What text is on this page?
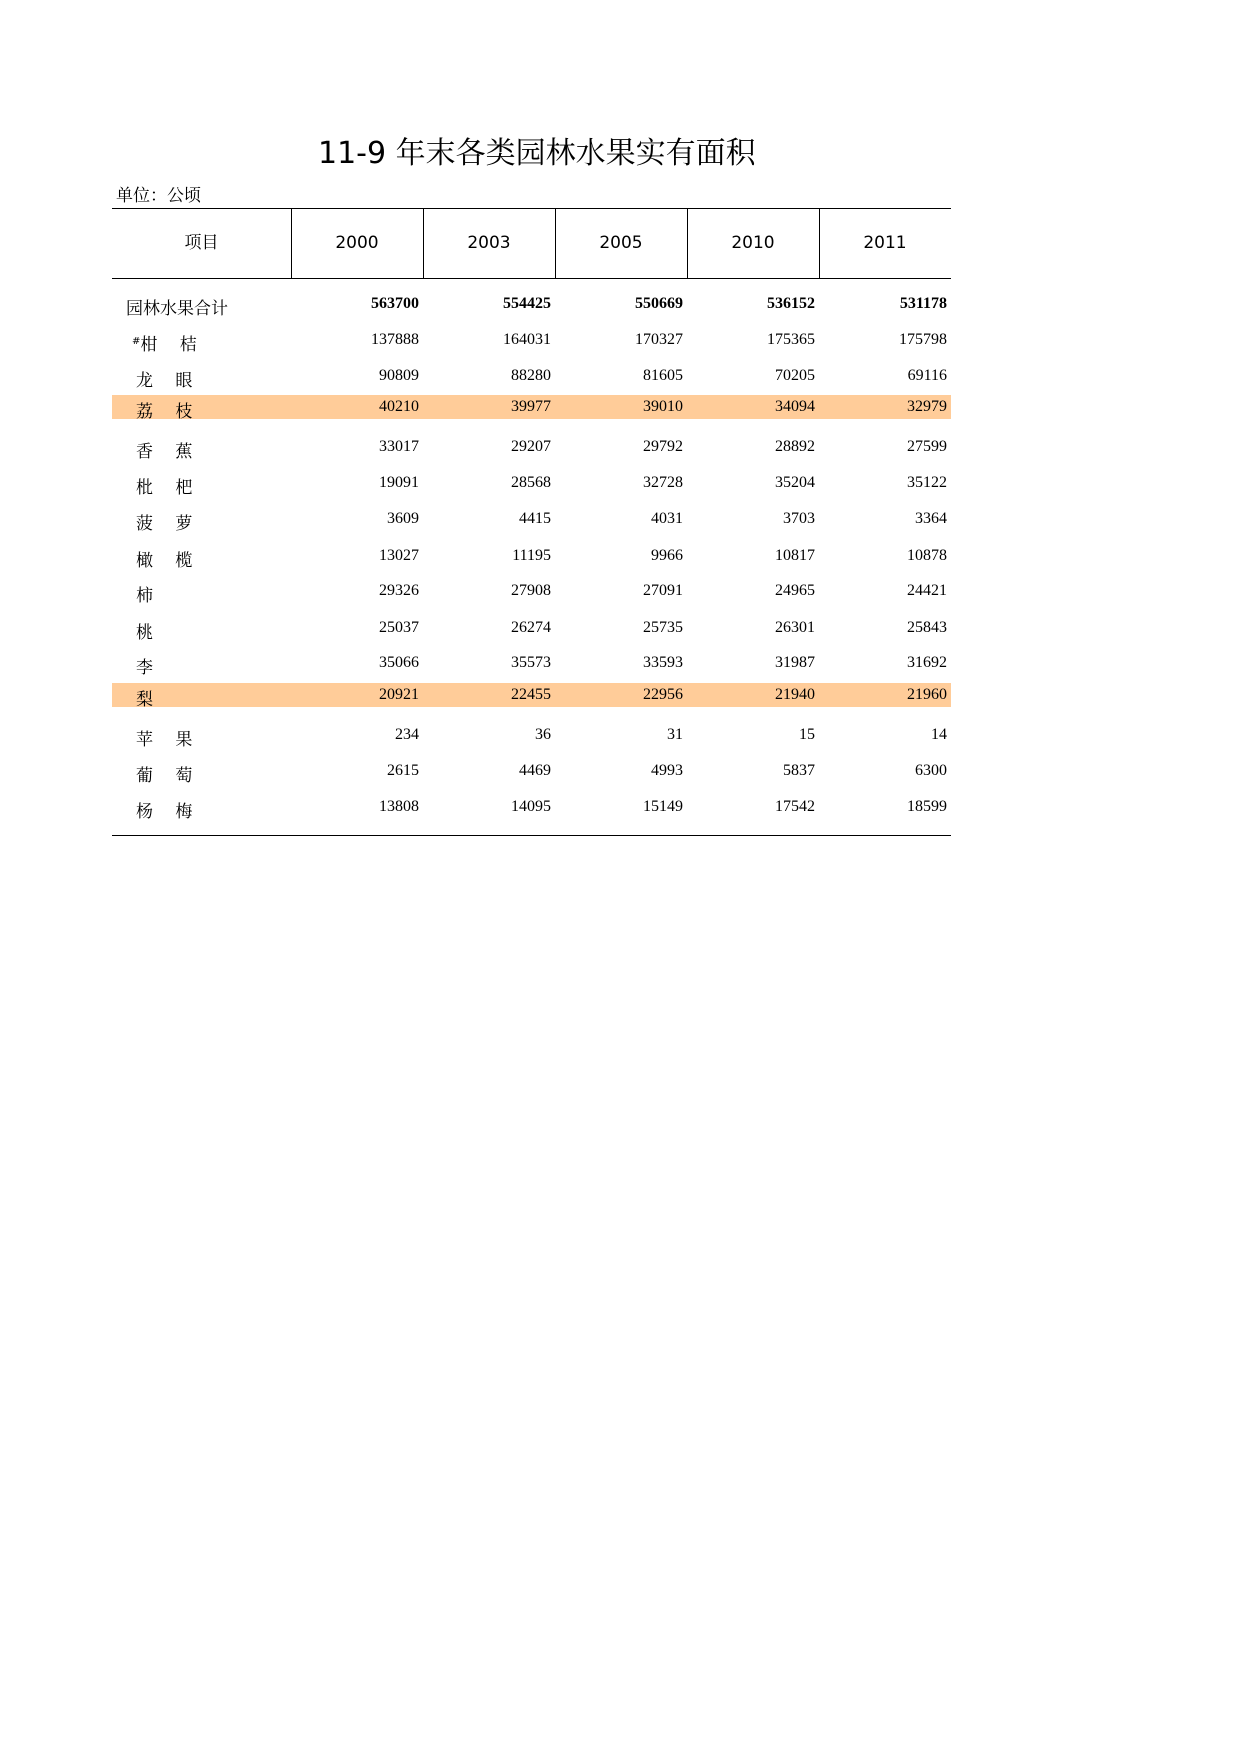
11-9 年末各类园林水果实有面积
单位：公顷
项目	2000	2003	2005	2010	2011
园林水果合计	563700	554425	550669	536152	531178
#柑　 桔	137888	164031	170327	175365	175798
龙　 眼	90809	88280	81605	70205	69116
荔　 枝	40210	39977	39010	34094	32979
香　 蕉	33017	29207	29792	28892	27599
枇　 杷	19091	28568	32728	35204	35122
菠　 萝	3609	4415	4031	3703	3364
橄　 榄	13027	11195	9966	10817	10878
柿	29326	27908	27091	24965	24421
桃	25037	26274	25735	26301	25843
李	35066	35573	33593	31987	31692
梨	20921	22455	22956	21940	21960
苹　 果	234	36	31	15	14
葡　 萄	2615	4469	4993	5837	6300
杨　 梅	13808	14095	15149	17542	18599
